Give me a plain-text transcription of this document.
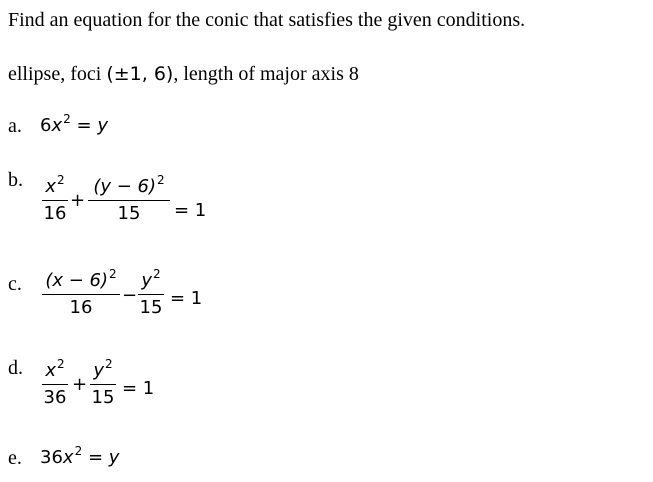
Find an equation for the conic that satisfies the given conditions.
ellipse, foci (±1, 6), length of major axis 8
a. $6x^2 = y$
b. $x^2$
16
+
$(y - 6)^2$
15 = 1
c. $(x - 6)^2$
16
−
$y^2$
15 = 1
d. $x^2$
36
+
$y^2$
15 = 1
e. $36x^2 = y$
